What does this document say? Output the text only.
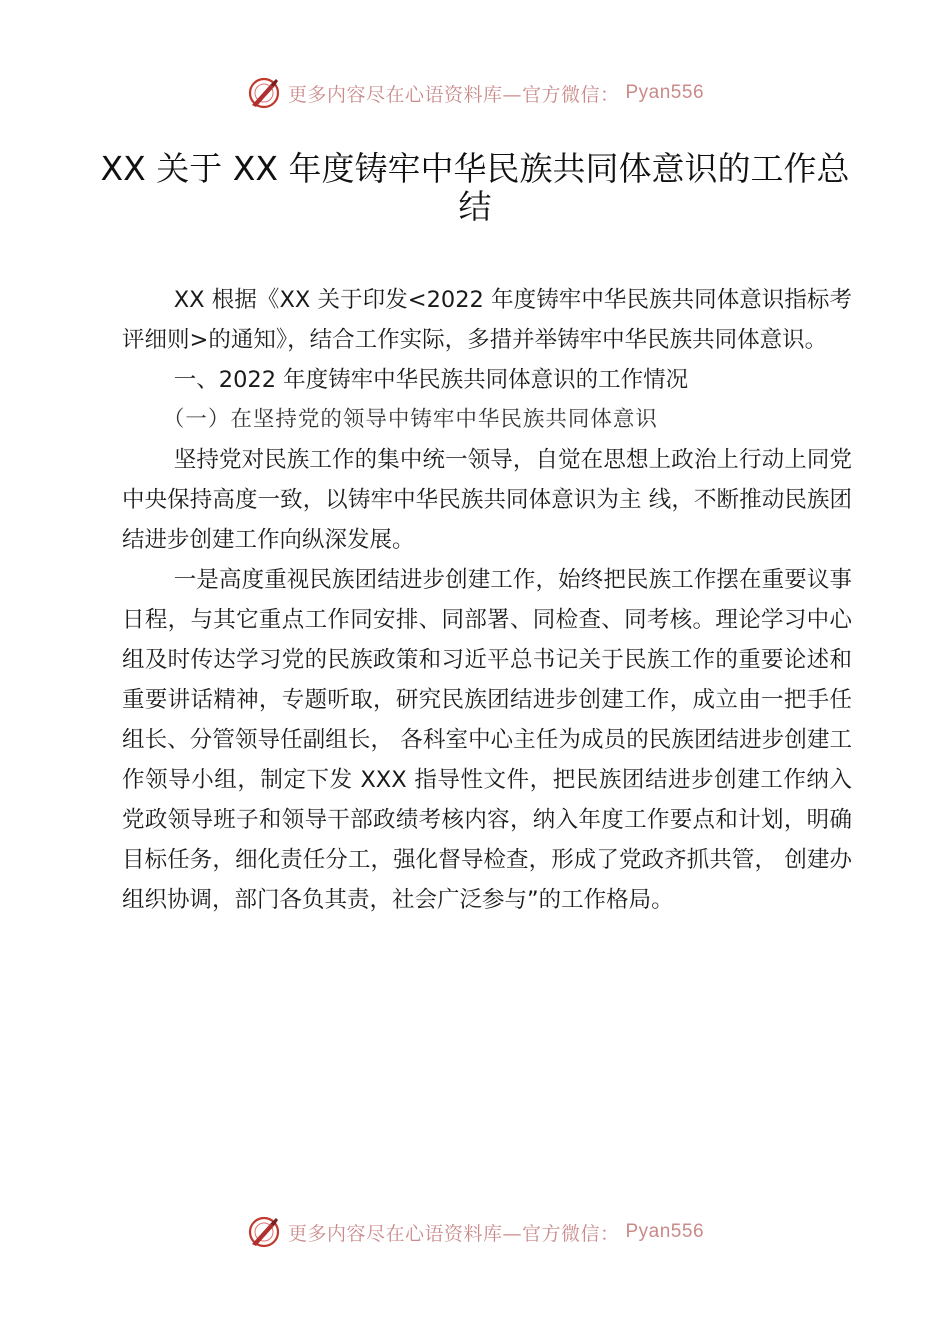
更多内容尽在心语资料库—官方微信： Pyan556
XX 关于 XX 年度铸牢中华民族共同体意识的工作总结

XX 根据《XX 关于印发<2022 年度铸牢中华民族共同体意识指标考评细则>的通知》，结合工作实际，多措并举铸牢中华民族共同体意识。

一、2022 年度铸牢中华民族共同体意识的工作情况

（一）在坚持党的领导中铸牢中华民族共同体意识

坚持党对民族工作的集中统一领导，自觉在思想上政治上行动上同党中央保持高度一致，以铸牢中华民族共同体意识为主 线，不断推动民族团结进步创建工作向纵深发展。

一是高度重视民族团结进步创建工作，始终把民族工作摆在重要议事日程，与其它重点工作同安排、同部署、同检查、同考核。理论学习中心组及时传达学习党的民族政策和习近平总书记关于民族工作的重要论述和重要讲话精神，专题听取，研究民族团结进步创建工作，成立由一把手任组长、分管领导任副组长， 各科室中心主任为成员的民族团结进步创建工作领导小组，制定下发 XXX 指导性文件，把民族团结进步创建工作纳入党政领导班子和领导干部政绩考核内容，纳入年度工作要点和计划，明确目标任务，细化责任分工，强化督导检查，形成了党政齐抓共管， 创建办组织协调，部门各负其责，社会广泛参与”的工作格局。

更多内容尽在心语资料库—官方微信： Pyan556
